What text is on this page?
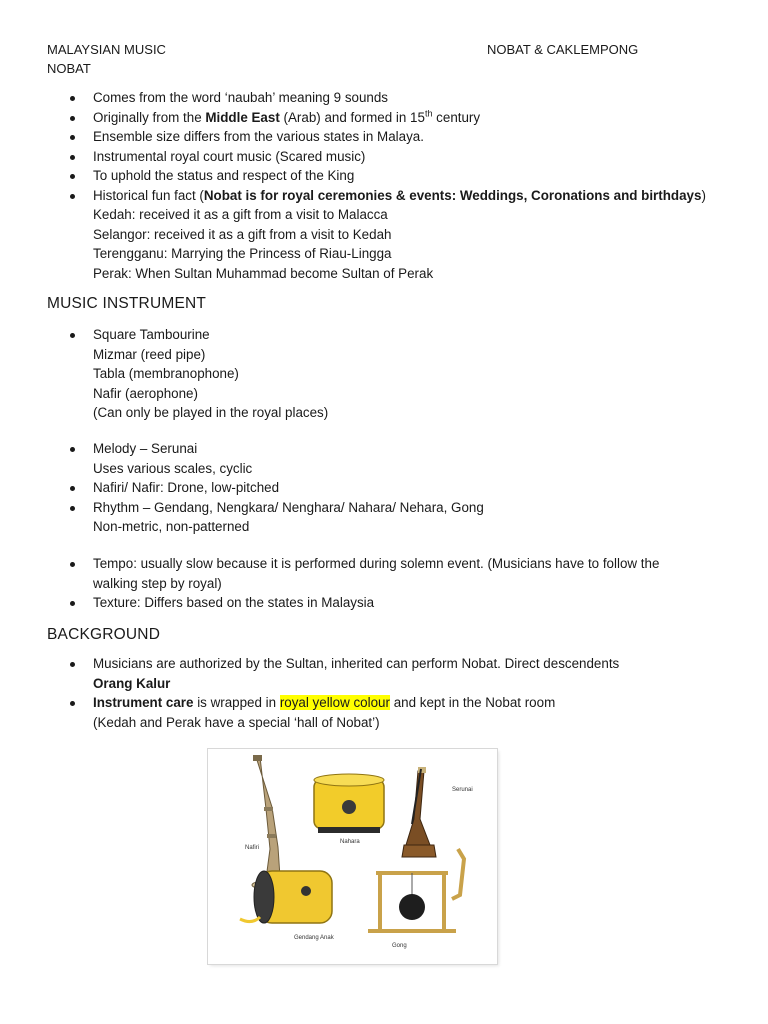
MALAYSIAN MUSIC	NOBAT & CAKLEMPONG
NOBAT
Comes from the word ‘naubah’ meaning 9 sounds
Originally from the Middle East (Arab) and formed in 15th century
Ensemble size differs from the various states in Malaya.
Instrumental royal court music (Scared music)
To uphold the status and respect of the King
Historical fun fact (Nobat is for royal ceremonies & events: Weddings, Coronations and birthdays)
Kedah: received it as a gift from a visit to Malacca
Selangor: received it as a gift from a visit to Kedah
Terengganu: Marrying the Princess of Riau-Lingga
Perak: When Sultan Muhammad become Sultan of Perak
MUSIC INSTRUMENT
Square Tambourine
Mizmar (reed pipe)
Tabla (membranophone)
Nafir (aerophone)
(Can only be played in the royal places)
Melody – Serunai
Uses various scales, cyclic
Nafiri/ Nafir: Drone, low-pitched
Rhythm – Gendang, Nengkara/ Nenghara/ Nahara/ Nehara, Gong
Non-metric, non-patterned
Tempo: usually slow because it is performed during solemn event. (Musicians have to follow the
walking step by royal)
Texture: Differs based on the states in Malaysia
BACKGROUND
Musicians are authorized by the Sultan, inherited can perform Nobat. Direct descendents
Orang Kalur
Instrument care is wrapped in royal yellow colour and kept in the Nobat room
(Kedah and Perak have a special ‘hall of Nobat’)
Nafiri
Nahara
Serunai
Gendang Anak
Gong
